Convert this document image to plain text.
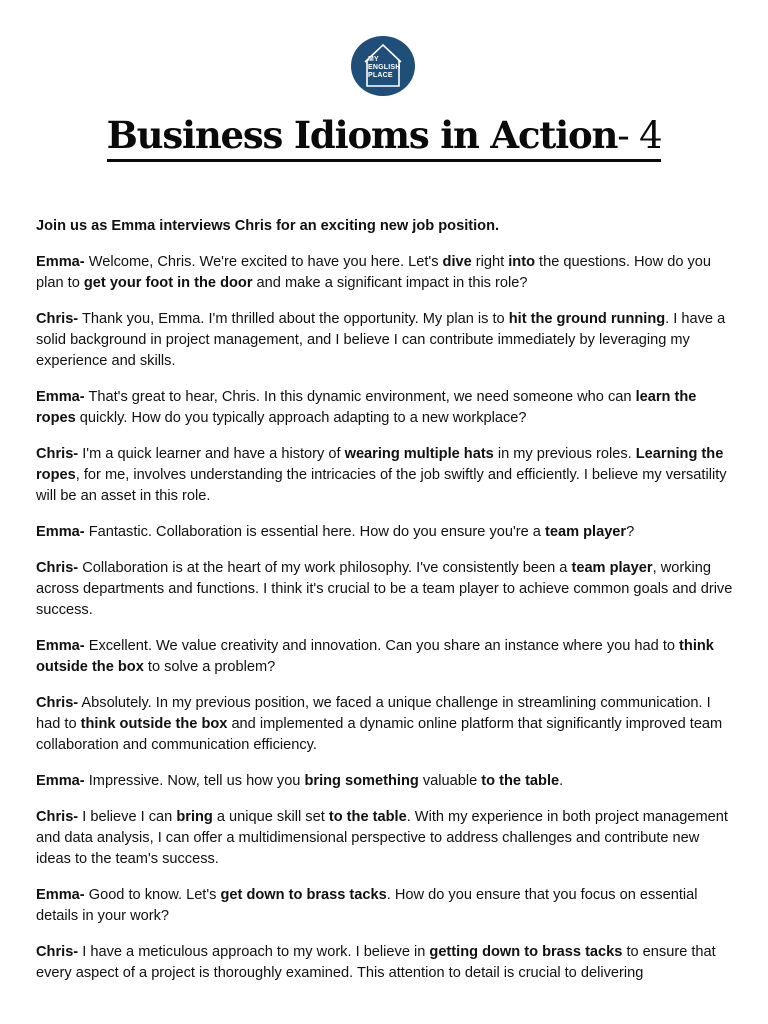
MY
ENGLISH
PLACE
Business Idioms in Action- 4

Join us as Emma interviews Chris for an exciting new job position.

Emma- Welcome, Chris. We're excited to have you here. Let's dive right into the questions. How do you plan to get your foot in the door and make a significant impact in this role?

Chris- Thank you, Emma. I'm thrilled about the opportunity. My plan is to hit the ground running. I have a solid background in project management, and I believe I can contribute immediately by leveraging my experience and skills.

Emma- That's great to hear, Chris. In this dynamic environment, we need someone who can learn the ropes quickly. How do you typically approach adapting to a new workplace?

Chris- I'm a quick learner and have a history of wearing multiple hats in my previous roles. Learning the ropes, for me, involves understanding the intricacies of the job swiftly and efficiently. I believe my versatility will be an asset in this role.

Emma- Fantastic. Collaboration is essential here. How do you ensure you're a team player?

Chris- Collaboration is at the heart of my work philosophy. I've consistently been a team player, working across departments and functions. I think it's crucial to be a team player to achieve common goals and drive success.

Emma- Excellent. We value creativity and innovation. Can you share an instance where you had to think outside the box to solve a problem?

Chris- Absolutely. In my previous position, we faced a unique challenge in streamlining communication. I had to think outside the box and implemented a dynamic online platform that significantly improved team collaboration and communication efficiency.

Emma- Impressive. Now, tell us how you bring something valuable to the table.

Chris- I believe I can bring a unique skill set to the table. With my experience in both project management and data analysis, I can offer a multidimensional perspective to address challenges and contribute new ideas to the team's success.

Emma- Good to know. Let's get down to brass tacks. How do you ensure that you focus on essential details in your work?

Chris- I have a meticulous approach to my work. I believe in getting down to brass tacks to ensure that every aspect of a project is thoroughly examined. This attention to detail is crucial to delivering
